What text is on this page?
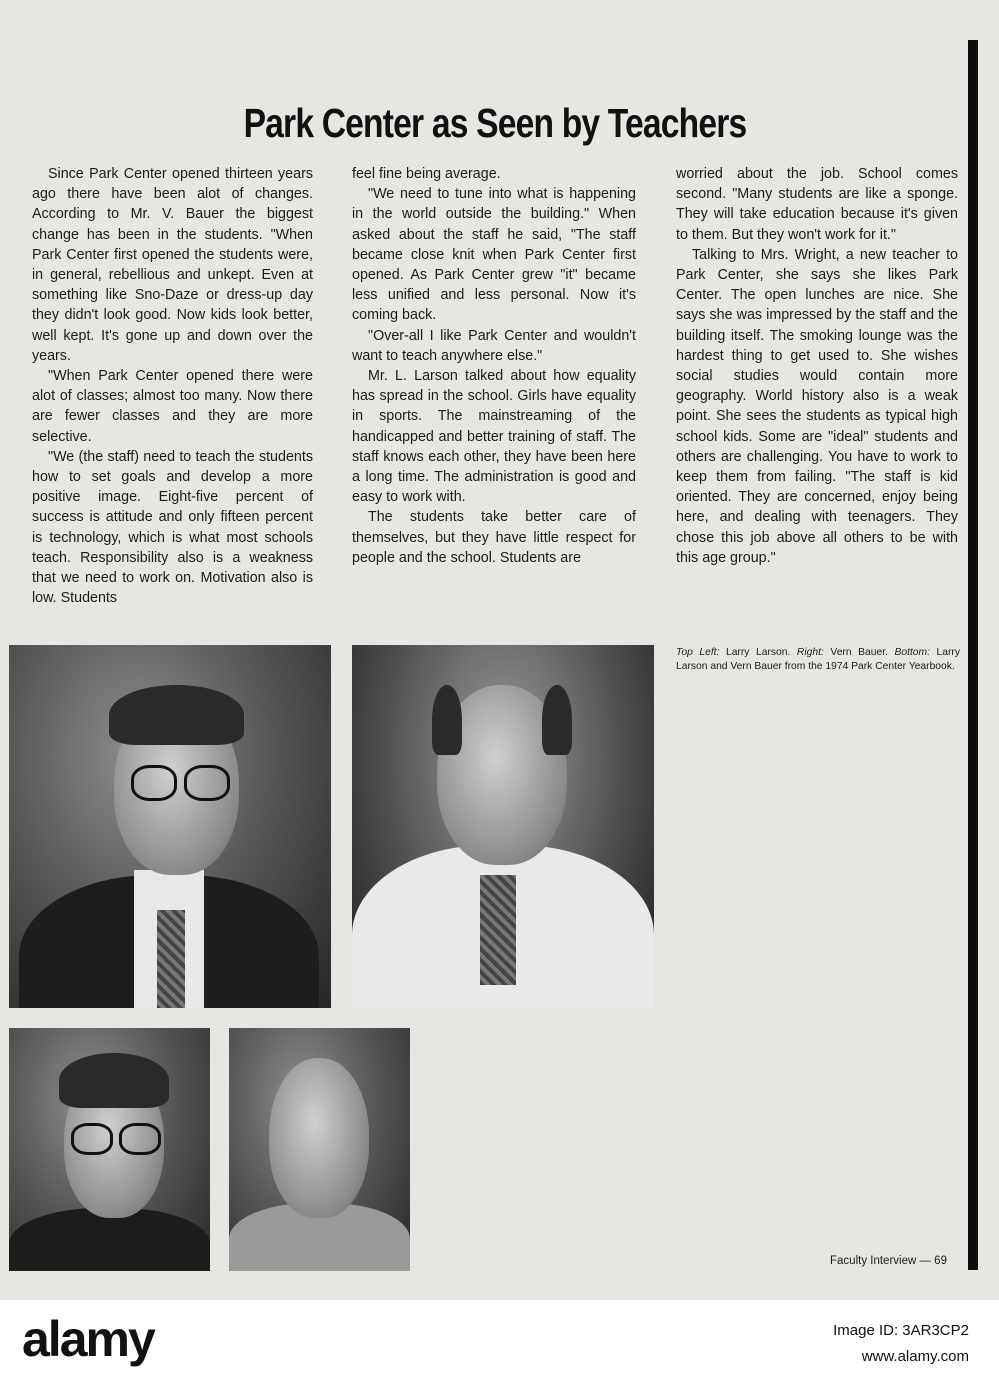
Park Center as Seen by Teachers

Since Park Center opened thirteen years ago there have been alot of changes. According to Mr. V. Bauer the biggest change has been in the students. "When Park Center first opened the students were, in general, rebellious and unkept. Even at something like Sno-Daze or dress-up day they didn't look good. Now kids look better, well kept. It's gone up and down over the years.

"When Park Center opened there were alot of classes; almost too many. Now there are fewer classes and they are more selective.

"We (the staff) need to teach the students how to set goals and develop a more positive image. Eight-five percent of success is attitude and only fifteen percent is technology, which is what most schools teach. Responsibility also is a weakness that we need to work on. Motivation also is low. Students

feel fine being average.

"We need to tune into what is happening in the world outside the building." When asked about the staff he said, "The staff became close knit when Park Center first opened. As Park Center grew "it" became less unified and less personal. Now it's coming back.

"Over-all I like Park Center and wouldn't want to teach anywhere else."

Mr. L. Larson talked about how equality has spread in the school. Girls have equality in sports. The mainstreaming of the handicapped and better training of staff. The staff knows each other, they have been here a long time. The administration is good and easy to work with.

The students take better care of themselves, but they have little respect for people and the school. Students are

worried about the job. School comes second. "Many students are like a sponge. They will take education because it's given to them. But they won't work for it."

Talking to Mrs. Wright, a new teacher to Park Center, she says she likes Park Center. The open lunches are nice. She says she was impressed by the staff and the building itself. The smoking lounge was the hardest thing to get used to. She wishes social studies would contain more geography. World history also is a weak point. She sees the students as typical high school kids. Some are "ideal" students and others are challenging. You have to work to keep them from failing. "The staff is kid oriented. They are concerned, enjoy being here, and dealing with teenagers. They chose this job above all others to be with this age group."

Top Left: Larry Larson. Right: Vern Bauer. Bottom: Larry Larson and Vern Bauer from the 1974 Park Center Yearbook.
Faculty Interview — 69
alamy	Image ID: 3AR3CP2
www.alamy.com
